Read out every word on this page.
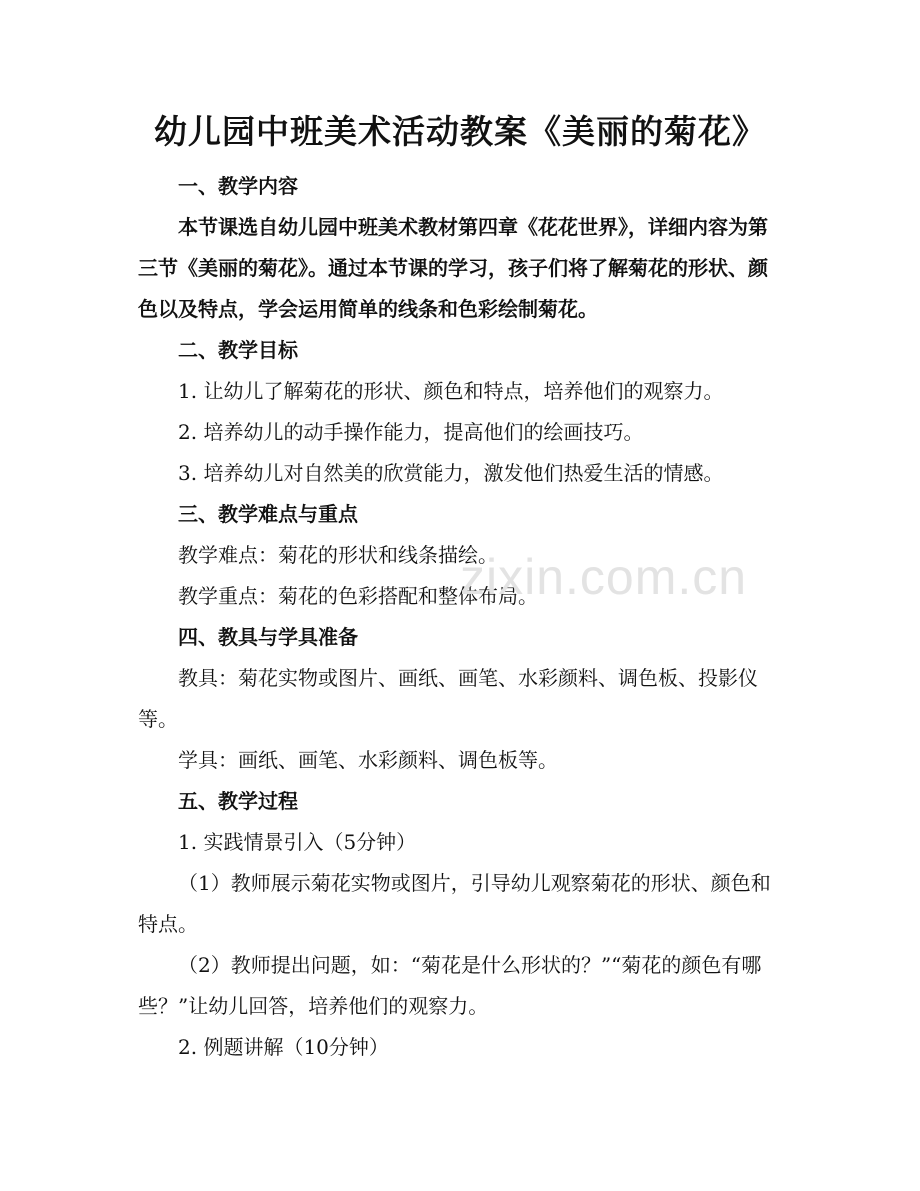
幼儿园中班美术活动教案《美丽的菊花》

一、教学内容

本节课选自幼儿园中班美术教材第四章《花花世界》，详细内容为第三节《美丽的菊花》。通过本节课的学习，孩子们将了解菊花的形状、颜色以及特点，学会运用简单的线条和色彩绘制菊花。

二、教学目标

1. 让幼儿了解菊花的形状、颜色和特点，培养他们的观察力。

2. 培养幼儿的动手操作能力，提高他们的绘画技巧。

3. 培养幼儿对自然美的欣赏能力，激发他们热爱生活的情感。

三、教学难点与重点

教学难点：菊花的形状和线条描绘。

教学重点：菊花的色彩搭配和整体布局。

四、教具与学具准备

教具：菊花实物或图片、画纸、画笔、水彩颜料、调色板、投影仪等。

学具：画纸、画笔、水彩颜料、调色板等。

五、教学过程

1. 实践情景引入（5分钟）

（1）教师展示菊花实物或图片，引导幼儿观察菊花的形状、颜色和特点。

（2）教师提出问题，如：“菊花是什么形状的？”“菊花的颜色有哪些？”让幼儿回答，培养他们的观察力。

2. 例题讲解（10分钟）

zixin.com.cn
